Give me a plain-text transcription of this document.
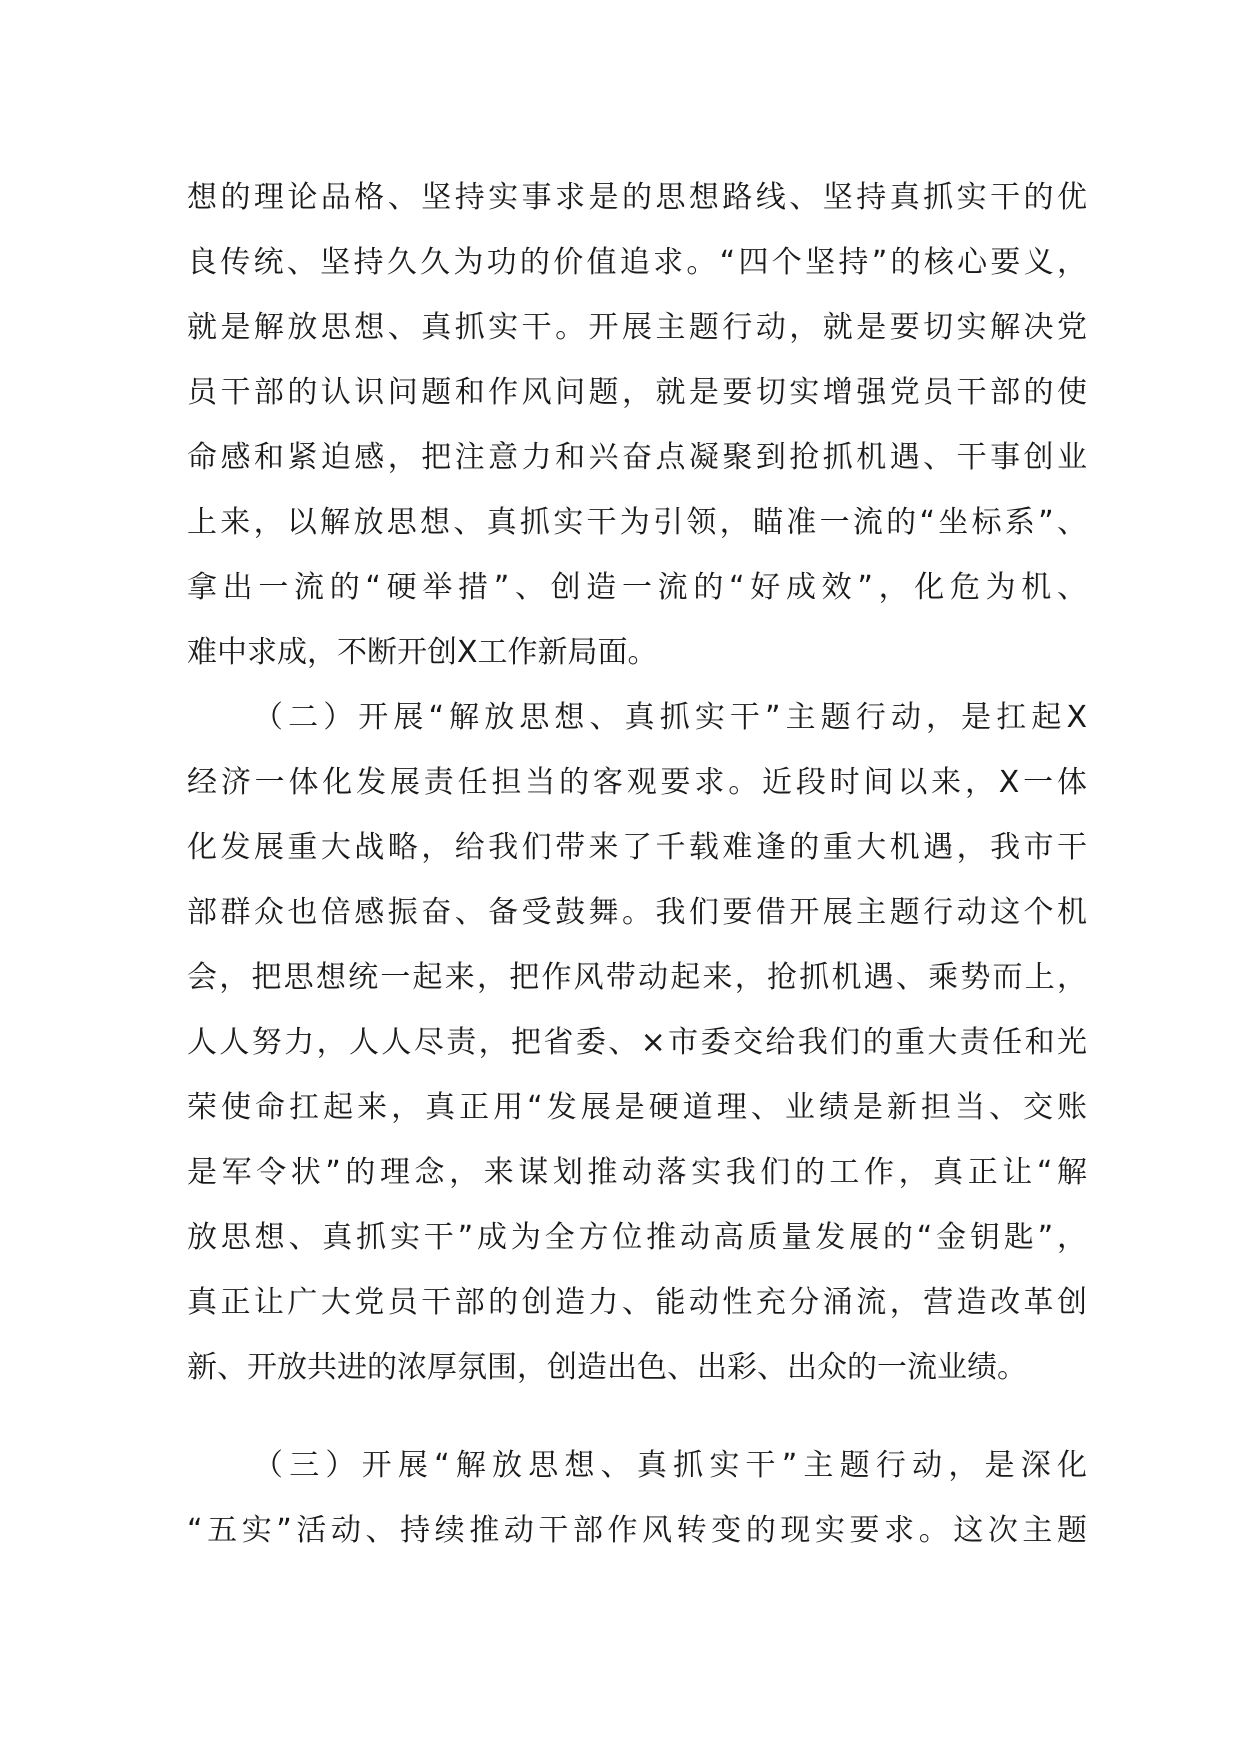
想的理论品格、坚持实事求是的思想路线、坚持真抓实干的优
良传统、坚持久久为功的价值追求。“四个坚持”的核心要义，
就是解放思想、真抓实干。开展主题行动，就是要切实解决党
员干部的认识问题和作风问题，就是要切实增强党员干部的使
命感和紧迫感，把注意力和兴奋点凝聚到抢抓机遇、干事创业
上来，以解放思想、真抓实干为引领，瞄准一流的“坐标系”、
拿出一流的“硬举措”、创造一流的“好成效”，化危为机、
难中求成，不断开创X工作新局面。
（二）开展“解放思想、真抓实干”主题行动，是扛起X
经济一体化发展责任担当的客观要求。近段时间以来，X一体
化发展重大战略，给我们带来了千载难逢的重大机遇，我市干
部群众也倍感振奋、备受鼓舞。我们要借开展主题行动这个机
会，把思想统一起来，把作风带动起来，抢抓机遇、乘势而上，
人人努力，人人尽责，把省委、×市委交给我们的重大责任和光
荣使命扛起来，真正用“发展是硬道理、业绩是新担当、交账
是军令状”的理念，来谋划推动落实我们的工作，真正让“解
放思想、真抓实干”成为全方位推动高质量发展的“金钥匙”，
真正让广大党员干部的创造力、能动性充分涌流，营造改革创
新、开放共进的浓厚氛围，创造出色、出彩、出众的一流业绩。
（三）开展“解放思想、真抓实干”主题行动，是深化
“五实”活动、持续推动干部作风转变的现实要求。这次主题
